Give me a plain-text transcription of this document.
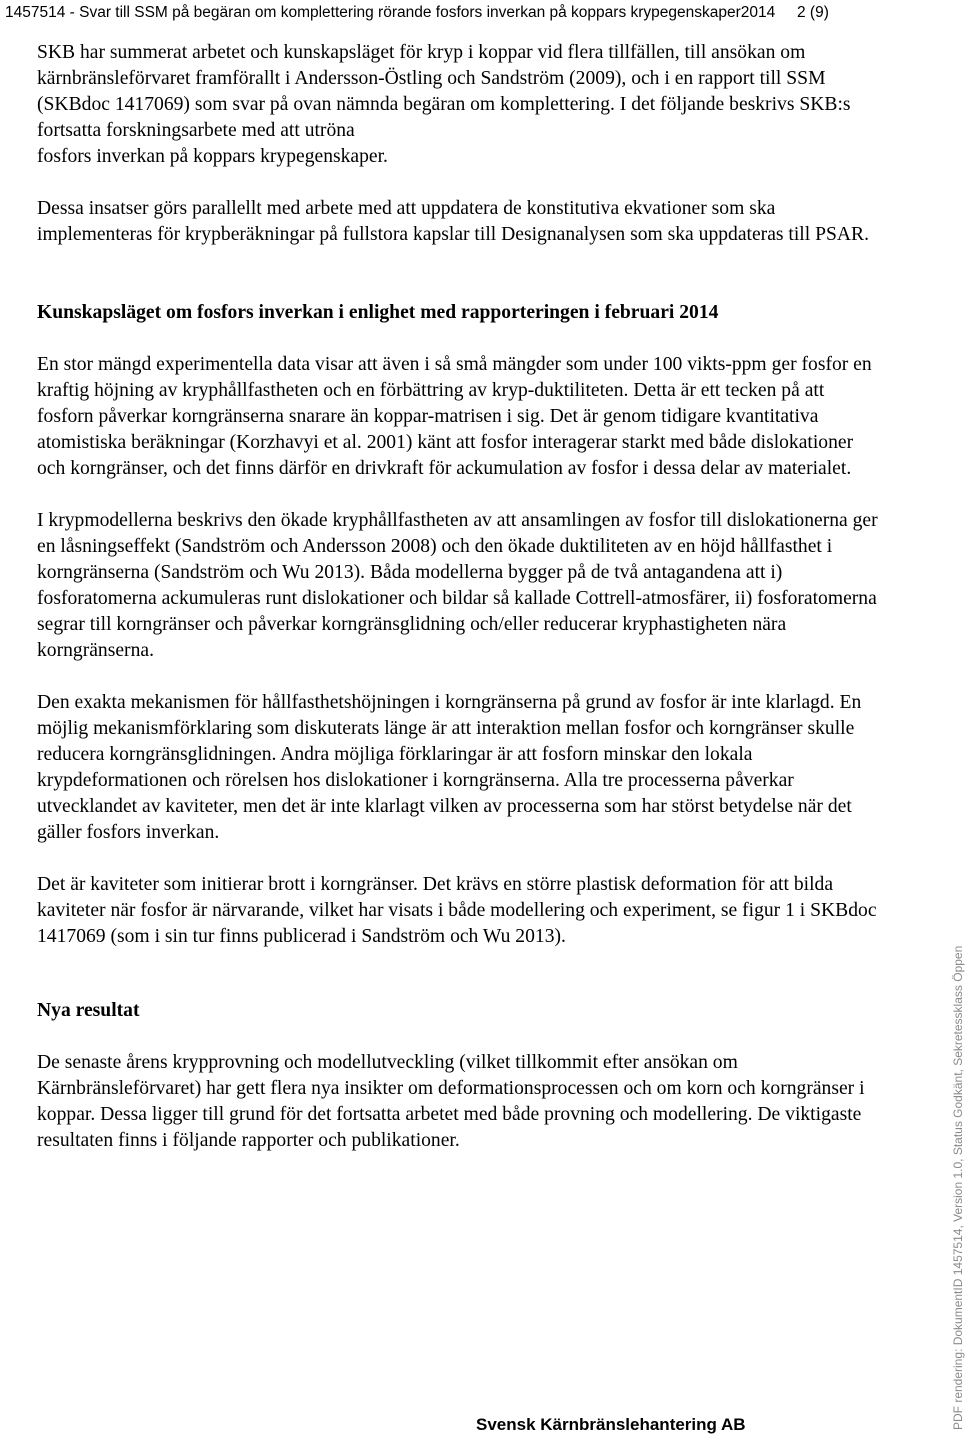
1457514 - Svar till SSM på begäran om komplettering rörande fosfors inverkan på koppars krypegenskaper2014 2 (9)

SKB har summerat arbetet och kunskapsläget för kryp i koppar vid flera tillfällen, till ansökan om kärnbränsleförvaret framförallt i Andersson-Östling och Sandström (2009), och i en rapport till SSM (SKBdoc 1417069) som svar på ovan nämnda begäran om komplettering. I det följande beskrivs SKB:s fortsatta forskningsarbete med att utröna
fosfors inverkan på koppars krypegenskaper.

Dessa insatser görs parallellt med arbete med att uppdatera de konstitutiva ekvationer som ska implementeras för krypberäkningar på fullstora kapslar till Designanalysen som ska uppdateras till PSAR.

Kunskapsläget om fosfors inverkan i enlighet med rapporteringen i februari 2014

En stor mängd experimentella data visar att även i så små mängder som under 100 vikts-ppm ger fosfor en kraftig höjning av kryphållfastheten och en förbättring av kryp-duktiliteten. Detta är ett tecken på att fosforn påverkar korngränserna snarare än koppar-matrisen i sig. Det är genom tidigare kvantitativa atomistiska beräkningar (Korzhavyi et al. 2001) känt att fosfor interagerar starkt med både dislokationer och korngränser, och det finns därför en drivkraft för ackumulation av fosfor i dessa delar av materialet.

I krypmodellerna beskrivs den ökade kryphållfastheten av att ansamlingen av fosfor till dislokationerna ger en låsningseffekt (Sandström och Andersson 2008) och den ökade duktiliteten av en höjd hållfasthet i korngränserna (Sandström och Wu 2013). Båda modellerna bygger på de två antagandena att i) fosforatomerna ackumuleras runt dislokationer och bildar så kallade Cottrell-atmosfärer, ii) fosforatomerna segrar till korngränser och påverkar korngränsglidning och/eller reducerar kryphastigheten nära korngränserna.

Den exakta mekanismen för hållfasthetshöjningen i korngränserna på grund av fosfor är inte klarlagd. En möjlig mekanismförklaring som diskuterats länge är att interaktion mellan fosfor och korngränser skulle reducera korngränsglidningen. Andra möjliga förklaringar är att fosforn minskar den lokala krypdeformationen och rörelsen hos dislokationer i korngränserna. Alla tre processerna påverkar utvecklandet av kaviteter, men det är inte klarlagt vilken av processerna som har störst betydelse när det gäller fosfors inverkan.

Det är kaviteter som initierar brott i korngränser. Det krävs en större plastisk deformation för att bilda kaviteter när fosfor är närvarande, vilket har visats i både modellering och experiment, se figur 1 i SKBdoc 1417069 (som i sin tur finns publicerad i Sandström och Wu 2013).

Nya resultat

De senaste årens krypprovning och modellutveckling (vilket tillkommit efter ansökan om Kärnbränsleförvaret) har gett flera nya insikter om deformationsprocessen och om korn och korngränser i koppar. Dessa ligger till grund för det fortsatta arbetet med både provning och modellering. De viktigaste resultaten finns i följande rapporter och publikationer.

Svensk Kärnbränslehantering AB	PDF rendering: DokumentID 1457514, Version 1.0, Status Godkänt, Sekretessklass Öppen
